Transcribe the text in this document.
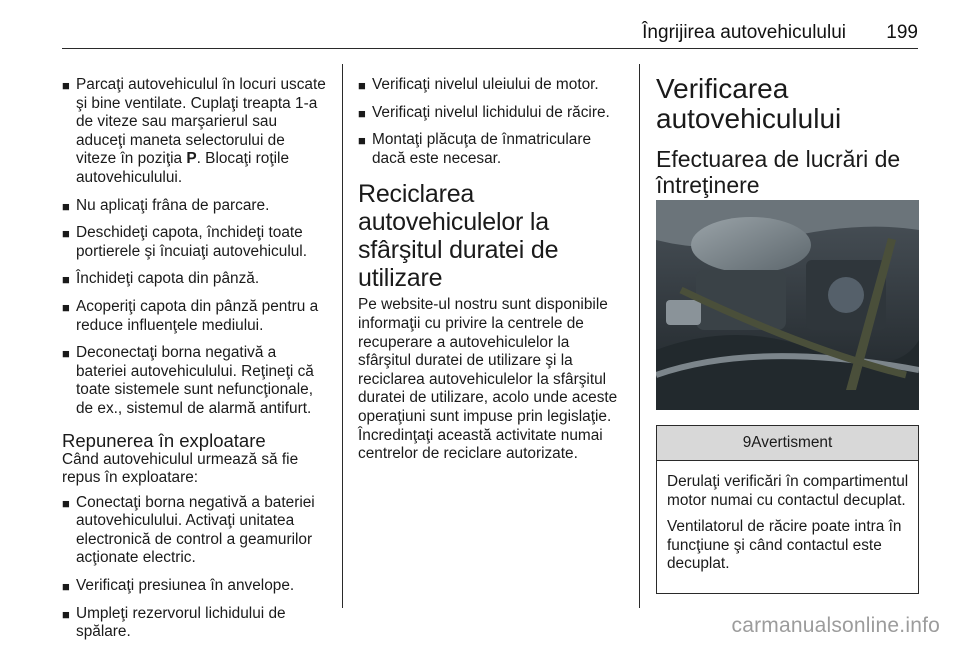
Îngrijirea autovehiculului 199
■ Parcaţi autovehiculul în locuri uscate şi bine ventilate. Cuplaţi treapta 1-a de viteze sau marşarierul sau aduceţi maneta selectorului de viteze în poziţia P. Blocaţi roţile autovehiculului.
■ Nu aplicaţi frâna de parcare.
■ Deschideţi capota, închideţi toate portierele şi încuiaţi autovehiculul.
■ Închideţi capota din pânză.
■ Acoperiţi capota din pânză pentru a reduce influenţele mediului.
■ Deconectaţi borna negativă a bateriei autovehiculului. Reţineţi că toate sistemele sunt nefuncţionale, de ex., sistemul de alarmă antifurt.
Repunerea în exploatare

Când autovehiculul urmează să fie repus în exploatare:

■ Conectaţi borna negativă a bateriei autovehiculului. Activaţi unitatea electronică de control a geamurilor acţionate electric.
■ Verificaţi presiunea în anvelope.
■ Umpleţi rezervorul lichidului de spălare.
■ Verificaţi nivelul uleiului de motor.
■ Verificaţi nivelul lichidului de răcire.
■ Montaţi plăcuţa de înmatriculare dacă este necesar.
Reciclarea autovehiculelor la sfârşitul duratei de utilizare

Pe website-ul nostru sunt disponibile informaţii cu privire la centrele de recuperare a autovehiculelor la sfârşitul duratei de utilizare şi la reciclarea autovehiculelor la sfârşitul duratei de utilizare, acolo unde aceste operaţiuni sunt impuse prin legislaţie. Încredinţaţi această activitate numai centrelor de reciclare autorizate.

Verificarea autovehiculului
Efectuarea de lucrări de întreţinere
9Avertisment

Derulaţi verificări în compartimentul motor numai cu contactul decuplat.

Ventilatorul de răcire poate intra în funcţiune şi când contactul este decuplat.

carmanualsonline.info
